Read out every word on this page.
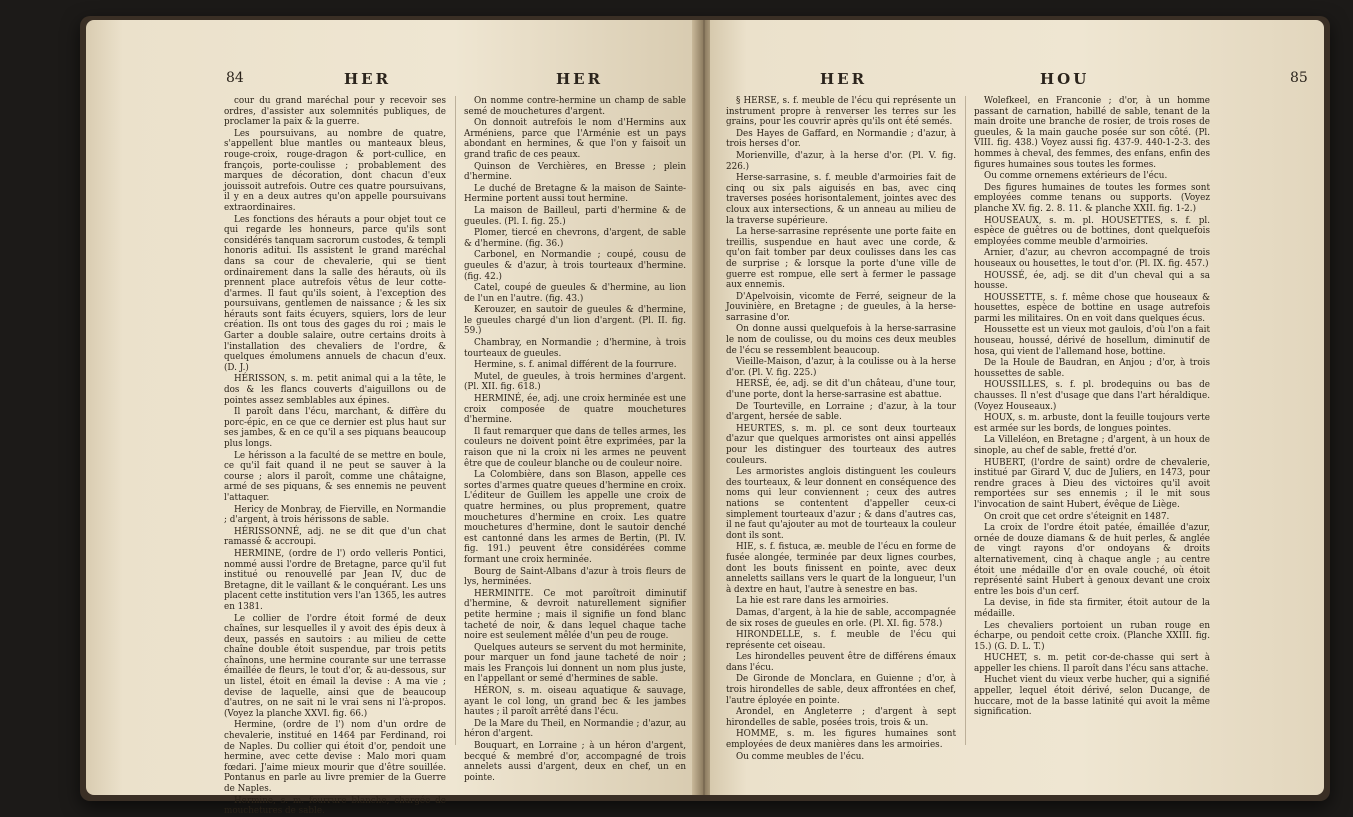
84	HER	HER

cour du grand maréchal pour y recevoir ses ordres, d'assister aux solemnités publiques, de proclamer la paix & la guerre.

Les poursuivans, au nombre de quatre, s'appellent blue mantles ou manteaux bleus, rouge-croix, rouge-dragon & port-cullice, en françois, porte-coulisse ; probablement des marques de décoration, dont chacun d'eux jouissoit autrefois. Outre ces quatre poursuivans, il y en a deux autres qu'on appelle poursuivans extraordinaires.

Les fonctions des hérauts a pour objet tout ce qui regarde les honneurs, parce qu'ils sont considérés tanquam sacrorum custodes, & templi honoris aditui. Ils assistent le grand maréchal dans sa cour de chevalerie, qui se tient ordinairement dans la salle des hérauts, où ils prennent place autrefois vêtus de leur cotte-d'armes. Il faut qu'ils soient, à l'exception des poursuivans, gentlemen de naissance ; & les six hérauts sont faits écuyers, squiers, lors de leur création. Ils ont tous des gages du roi ; mais le Garter a double salaire, outre certains droits à l'installation des chevaliers de l'ordre, & quelques émolumens annuels de chacun d'eux. (D. J.)

HÉRISSON, s. m. petit animal qui a la tête, le dos & les flancs couverts d'aiguillons ou de pointes assez semblables aux épines.

Il paroît dans l'écu, marchant, & diffère du porc-épic, en ce que ce dernier est plus haut sur ses jambes, & en ce qu'il a ses piquans beaucoup plus longs.

Le hérisson a la faculté de se mettre en boule, ce qu'il fait quand il ne peut se sauver à la course ; alors il paroît, comme une châtaigne, armé de ses piquans, & ses ennemis ne peuvent l'attaquer.

Hericy de Monbray, de Fierville, en Normandie ; d'argent, à trois hérissons de sable.

HÉRISSONNÉ, adj. ne se dit que d'un chat ramassé & accroupi.

HERMINE, (ordre de l') ordo velleris Pontici, nommé aussi l'ordre de Bretagne, parce qu'il fut institué ou renouvellé par Jean IV, duc de Bretagne, dit le vaillant & le conquérant. Les uns placent cette institution vers l'an 1365, les autres en 1381.

Le collier de l'ordre étoit formé de deux chaînes, sur lesquelles il y avoit des épis deux à deux, passés en sautoirs : au milieu de cette chaîne double étoit suspendue, par trois petits chaînons, une hermine courante sur une terrasse émaillée de fleurs, le tout d'or, & au-dessous, sur un listel, étoit en émail la devise : A ma vie ; devise de laquelle, ainsi que de beaucoup d'autres, on ne sait ni le vrai sens ni l'à-propos. (Voyez la planche XXVI. fig. 66.)

Hermine, (ordre de l') nom d'un ordre de chevalerie, institué en 1464 par Ferdinand, roi de Naples. Du collier qui étoit d'or, pendoit une hermine, avec cette devise : Malo mori quam fœdari. J'aime mieux mourir que d'être souillée. Pontanus en parle au livre premier de la Guerre de Naples.

Hermine, s. m. fourrure blanche, chargée de mouchetures de sable.

On nomme contre-hermine un champ de sable semé de mouchetures d'argent.

On donnoit autrefois le nom d'Hermins aux Arméniens, parce que l'Arménie est un pays abondant en hermines, & que l'on y faisoit un grand trafic de ces peaux.

Quinson de Verchières, en Bresse ; plein d'hermine.

Le duché de Bretagne & la maison de Sainte-Hermine portent aussi tout hermine.

La maison de Bailleul, parti d'hermine & de gueules. (Pl. I. fig. 25.)

Plomer, tiercé en chevrons, d'argent, de sable & d'hermine. (fig. 36.)

Carbonel, en Normandie ; coupé, cousu de gueules & d'azur, à trois tourteaux d'hermine. (fig. 42.)

Catel, coupé de gueules & d'hermine, au lion de l'un en l'autre. (fig. 43.)

Kerouzer, en sautoir de gueules & d'hermine, le gueules chargé d'un lion d'argent. (Pl. II. fig. 59.)

Chambray, en Normandie ; d'hermine, à trois tourteaux de gueules.

Hermine, s. f. animal différent de la fourrure.

Mutel, de gueules, à trois hermines d'argent. (Pl. XII. fig. 618.)

HERMINÉ, ée, adj. une croix herminée est une croix composée de quatre mouchetures d'hermine.

Il faut remarquer que dans de telles armes, les couleurs ne doivent point être exprimées, par la raison que ni la croix ni les armes ne peuvent être que de couleur blanche ou de couleur noire.

La Colombière, dans son Blason, appelle ces sortes d'armes quatre queues d'hermine en croix. L'éditeur de Guillem les appelle une croix de quatre hermines, ou plus proprement, quatre mouchetures d'hermine en croix. Les quatre mouchetures d'hermine, dont le sautoir denché est cantonné dans les armes de Bertin, (Pl. IV. fig. 191.) peuvent être considérées comme formant une croix herminée.

Bourg de Saint-Albans d'azur à trois fleurs de lys, herminées.

HERMINITE. Ce mot paroîtroit diminutif d'hermine, & devroit naturellement signifier petite hermine ; mais il signifie un fond blanc tacheté de noir, & dans lequel chaque tache noire est seulement mêlée d'un peu de rouge.

Quelques auteurs se servent du mot herminite, pour marquer un fond jaune tacheté de noir ; mais les François lui donnent un nom plus juste, en l'appellant or semé d'hermines de sable.

HÉRON, s. m. oiseau aquatique & sauvage, ayant le col long, un grand bec & les jambes hautes ; il paroît arrêté dans l'écu.

De la Mare du Theil, en Normandie ; d'azur, au héron d'argent.

Bouquart, en Lorraine ; à un héron d'argent, becqué & membré d'or, accompagné de trois annelets aussi d'argent, deux en chef, un en pointe.

HER	HOU	85

§ HERSE, s. f. meuble de l'écu qui représente un instrument propre à renverser les terres sur les grains, pour les couvrir après qu'ils ont été semés.

Des Hayes de Gaffard, en Normandie ; d'azur, à trois herses d'or.

Morienville, d'azur, à la herse d'or. (Pl. V. fig. 226.)

Herse-sarrasine, s. f. meuble d'armoiries fait de cinq ou six pals aiguisés en bas, avec cinq traverses posées horisontalement, jointes avec des cloux aux intersections, & un anneau au milieu de la traverse supérieure.

La herse-sarrasine représente une porte faite en treillis, suspendue en haut avec une corde, & qu'on fait tomber par deux coulisses dans les cas de surprise ; & lorsque la porte d'une ville de guerre est rompue, elle sert à fermer le passage aux ennemis.

D'Apelvoisin, vicomte de Ferré, seigneur de la Jouvinière, en Bretagne ; de gueules, à la herse-sarrasine d'or.

On donne aussi quelquefois à la herse-sarrasine le nom de coulisse, ou du moins ces deux meubles de l'écu se ressemblent beaucoup.

Vieille-Maison, d'azur, à la coulisse ou à la herse d'or. (Pl. V. fig. 225.)

HERSÉ, ée, adj. se dit d'un château, d'une tour, d'une porte, dont la herse-sarrasine est abattue.

De Tourteville, en Lorraine ; d'azur, à la tour d'argent, hersée de sable.

HEURTES, s. m. pl. ce sont deux tourteaux d'azur que quelques armoristes ont ainsi appellés pour les distinguer des tourteaux des autres couleurs.

Les armoristes anglois distinguent les couleurs des tourteaux, & leur donnent en conséquence des noms qui leur conviennent ; ceux des autres nations se contentent d'appeller ceux-ci simplement tourteaux d'azur ; & dans d'autres cas, il ne faut qu'ajouter au mot de tourteaux la couleur dont ils sont.

HIE, s. f. fistuca, æ. meuble de l'écu en forme de fusée alongée, terminée par deux lignes courbes, dont les bouts finissent en pointe, avec deux anneletts saillans vers le quart de la longueur, l'un à dextre en haut, l'autre à senestre en bas.

La hie est rare dans les armoiries.

Damas, d'argent, à la hie de sable, accompagnée de six roses de gueules en orle. (Pl. XI. fig. 578.)

HIRONDELLE, s. f. meuble de l'écu qui représente cet oiseau.

Les hirondelles peuvent être de différens émaux dans l'écu.

De Gironde de Monclara, en Guienne ; d'or, à trois hirondelles de sable, deux affrontées en chef, l'autre éployée en pointe.

Arondel, en Angleterre ; d'argent à sept hirondelles de sable, posées trois, trois & un.

HOMME, s. m. les figures humaines sont employées de deux manières dans les armoiries.

Ou comme meubles de l'écu.

Wolefkeel, en Franconie ; d'or, à un homme passant de carnation, habillé de sable, tenant de la main droite une branche de rosier, de trois roses de gueules, & la main gauche posée sur son côté. (Pl. VIII. fig. 438.) Voyez aussi fig. 437-9. 440-1-2-3. des hommes à cheval, des femmes, des enfans, enfin des figures humaines sous toutes les formes.

Ou comme ornemens extérieurs de l'écu.

Des figures humaines de toutes les formes sont employées comme tenans ou supports. (Voyez planche XV. fig. 2. 8. 11. & planche XXII. fig. 1-2.)

HOUSEAUX, s. m. pl. HOUSETTES, s. f. pl. espèce de guêtres ou de bottines, dont quelquefois employées comme meuble d'armoiries.

Arnier, d'azur, au chevron accompagné de trois houseaux ou housettes, le tout d'or. (Pl. IX. fig. 457.)

HOUSSÉ, ée, adj. se dit d'un cheval qui a sa housse.

HOUSSETTE, s. f. même chose que houseaux & housettes, espèce de bottine en usage autrefois parmi les militaires. On en voit dans quelques écus.

Houssette est un vieux mot gaulois, d'où l'on a fait houseau, houssé, dérivé de hosellum, diminutif de hosa, qui vient de l'allemand hose, bottine.

De la Houle de Baudran, en Anjou ; d'or, à trois houssettes de sable.

HOUSSILLES, s. f. pl. brodequins ou bas de chausses. Il n'est d'usage que dans l'art héraldique. (Voyez Houseaux.)

HOUX, s. m. arbuste, dont la feuille toujours verte est armée sur les bords, de longues pointes.

La Villeléon, en Bretagne ; d'argent, à un houx de sinople, au chef de sable, fretté d'or.

HUBERT, (l'ordre de saint) ordre de chevalerie, institué par Girard V, duc de Juliers, en 1473, pour rendre graces à Dieu des victoires qu'il avoit remportées sur ses ennemis ; il le mit sous l'invocation de saint Hubert, évêque de Liège.

On croit que cet ordre s'éteignit en 1487.

La croix de l'ordre étoit patée, émaillée d'azur, ornée de douze diamans & de huit perles, & anglée de vingt rayons d'or ondoyans & droits alternativement, cinq à chaque angle ; au centre étoit une médaille d'or en ovale couché, où étoit représenté saint Hubert à genoux devant une croix entre les bois d'un cerf.

La devise, in fide sta firmiter, étoit autour de la médaille.

Les chevaliers portoient un ruban rouge en écharpe, ou pendoit cette croix. (Planche XXIII. fig. 15.) (G. D. L. T.)

HUCHET, s. m. petit cor-de-chasse qui sert à appeller les chiens. Il paroît dans l'écu sans attache.

Huchet vient du vieux verbe hucher, qui a signifié appeller, lequel étoit dérivé, selon Ducange, de huccare, mot de la basse latinité qui avoit la même signification.
